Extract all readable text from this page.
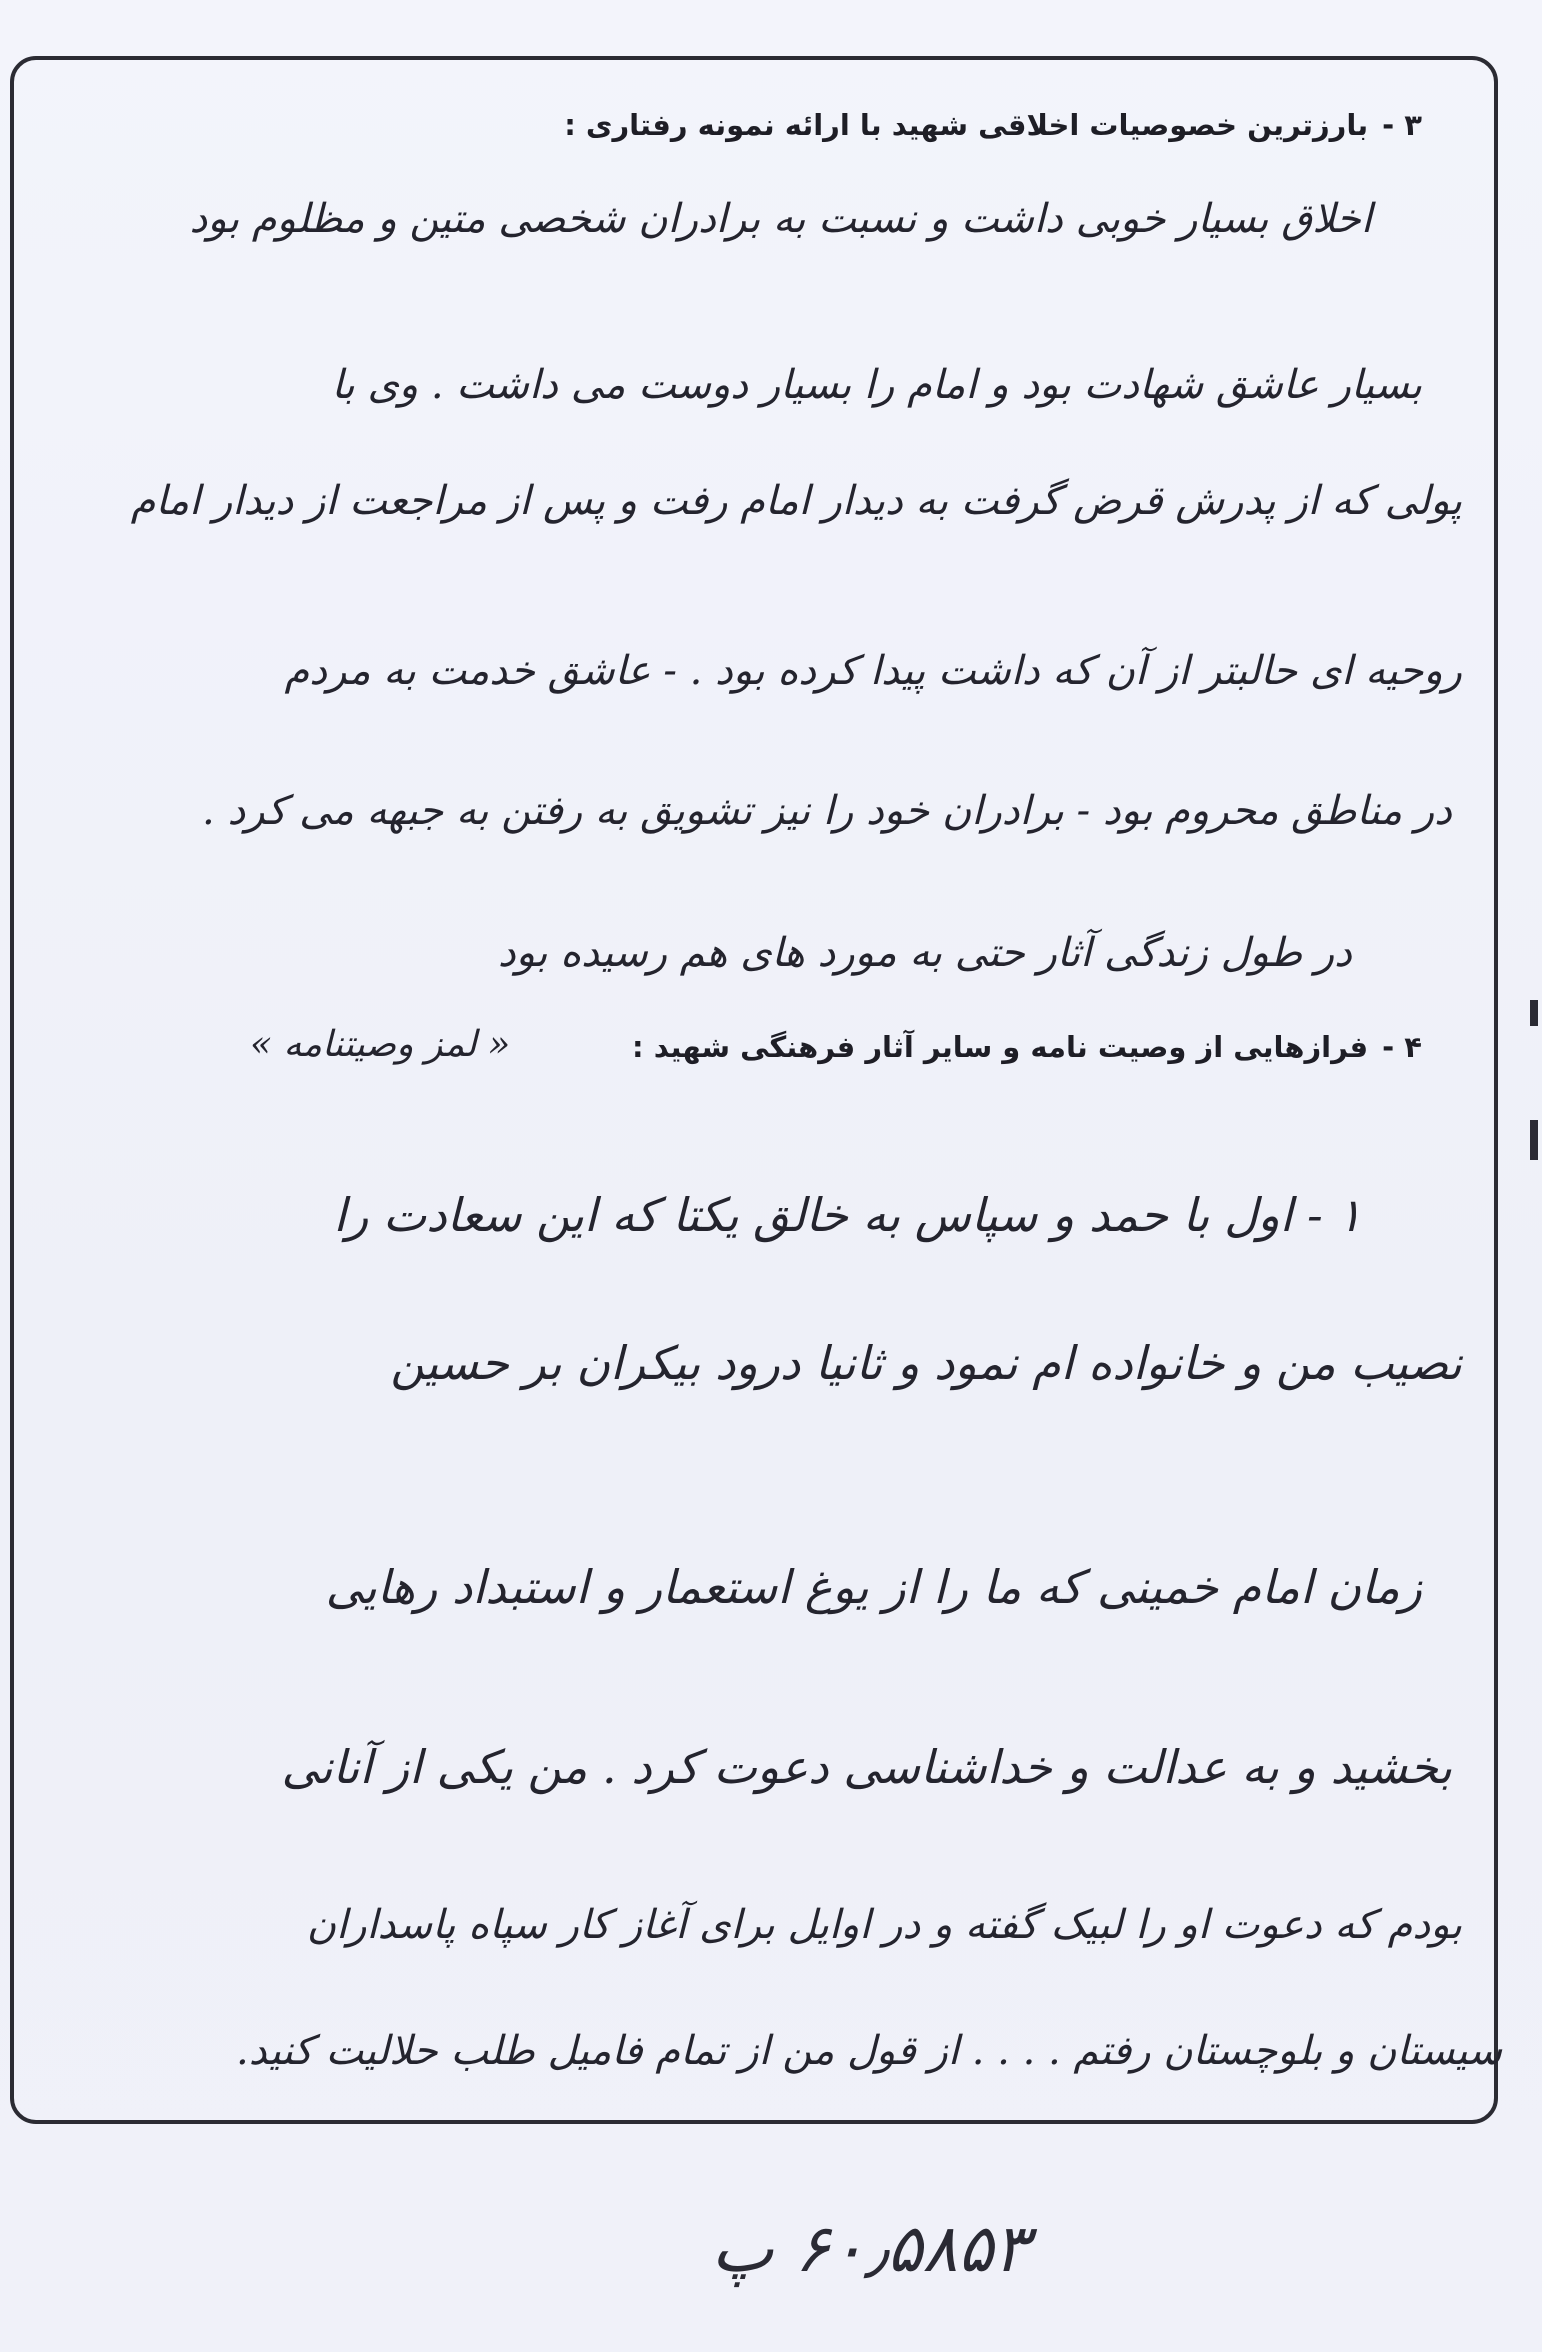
۳ -بارزترین خصوصیات اخلاقی شهید با ارائه نمونه رفتاری :
اخلاق بسیار خوبی داشت و نسبت به برادران شخصی متین و مظلوم بود
بسیار عاشق شهادت بود و امام را بسیار دوست می داشت . وی با
پولی که از پدرش قرض گرفت به دیدار امام رفت و پس از مراجعت از دیدار امام
روحیه ای حالبتر از آن که داشت پیدا کرده بود . - عاشق خدمت به مردم
در مناطق محروم بود - برادران خود را نیز تشویق به رفتن به جبهه می کرد .
در طول زندگی آثار حتی به مورد های هم رسیده بود
۴ -فرازهایی از وصیت نامه و سایر آثار فرهنگی شهید :
« لمز وصیتنامه »
۱ - اول با حمد و سپاس به خالق یکتا که این سعادت را
نصیب من و خانواده ام نمود و ثانیا درود بیکران بر حسین
زمان امام خمینی که ما را از یوغ استعمار و استبداد رهایی
بخشید و به عدالت و خداشناسی دعوت کرد . من یکی از آنانی
بودم که دعوت او را لبیک گفته و در اوایل برای آغاز کار سپاه پاسداران
سیستان و بلوچستان رفتم . . . . از قول من از تمام فامیل طلب حلالیت کنید.
۶۰٫۵۸۵۳ پ
